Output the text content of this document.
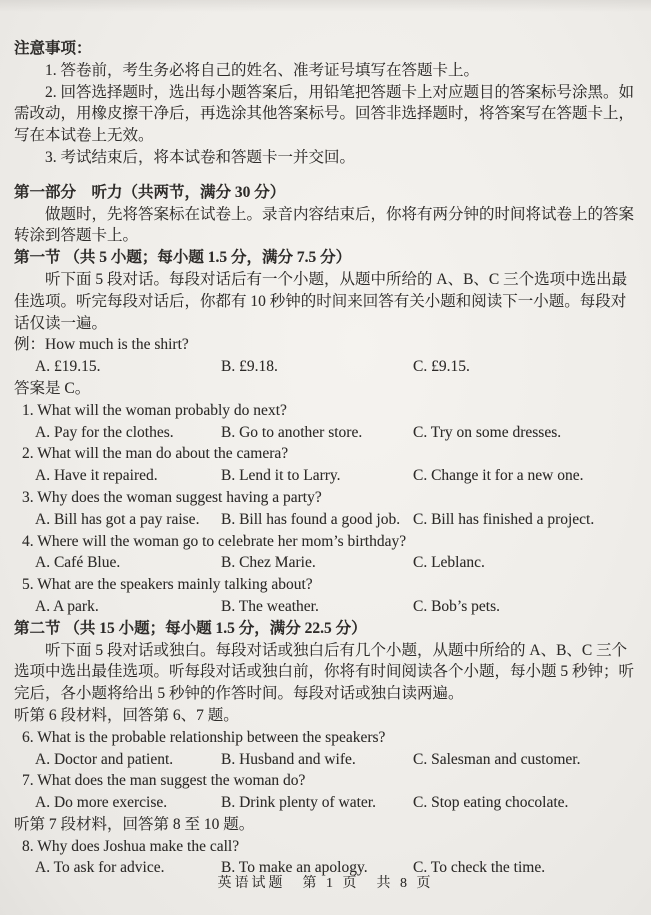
注意事项：

1. 答卷前，考生务必将自己的姓名、准考证号填写在答题卡上。

2. 回答选择题时，选出每小题答案后，用铅笔把答题卡上对应题目的答案标号涂黑。如需改动，用橡皮擦干净后，再选涂其他答案标号。回答非选择题时，将答案写在答题卡上，写在本试卷上无效。

3. 考试结束后，将本试卷和答题卡一并交回。

第一部分　听力（共两节，满分 30 分）

做题时，先将答案标在试卷上。录音内容结束后，你将有两分钟的时间将试卷上的答案转涂到答题卡上。

第一节 （共 5 小题；每小题 1.5 分，满分 7.5 分）

听下面 5 段对话。每段对话后有一个小题，从题中所给的 A、B、C 三个选项中选出最佳选项。听完每段对话后，你都有 10 秒钟的时间来回答有关小题和阅读下一小题。每段对话仅读一遍。

例：How much is the shirt?

A. £19.15.	B. £9.18.	C. £9.15.

答案是 C。

1. What will the woman probably do next?

A. Pay for the clothes.	B. Go to another store.	C. Try on some dresses.

2. What will the man do about the camera?

A. Have it repaired.	B. Lend it to Larry.	C. Change it for a new one.

3. Why does the woman suggest having a party?

A. Bill has got a pay raise.	B. Bill has found a good job. C. Bill has finished a project.

4. Where will the woman go to celebrate her mom’s birthday?

A. Café Blue.	B. Chez Marie.	C. Leblanc.

5. What are the speakers mainly talking about?

A. A park.	B. The weather.	C. Bob’s pets.

第二节 （共 15 小题；每小题 1.5 分，满分 22.5 分）

听下面 5 段对话或独白。每段对话或独白后有几个小题，从题中所给的 A、B、C 三个选项中选出最佳选项。听每段对话或独白前，你将有时间阅读各个小题，每小题 5 秒钟；听完后，各小题将给出 5 秒钟的作答时间。每段对话或独白读两遍。

听第 6 段材料，回答第 6、7 题。

6. What is the probable relationship between the speakers?

A. Doctor and patient.	B. Husband and wife.	C. Salesman and customer.

7. What does the man suggest the woman do?

A. Do more exercise.	B. Drink plenty of water.	C. Stop eating chocolate.

听第 7 段材料，回答第 8 至 10 题。

8. Why does Joshua make the call?

A. To ask for advice.	B. To make an apology.	C. To check the time.

英语试题　第 1 页　共 8 页
